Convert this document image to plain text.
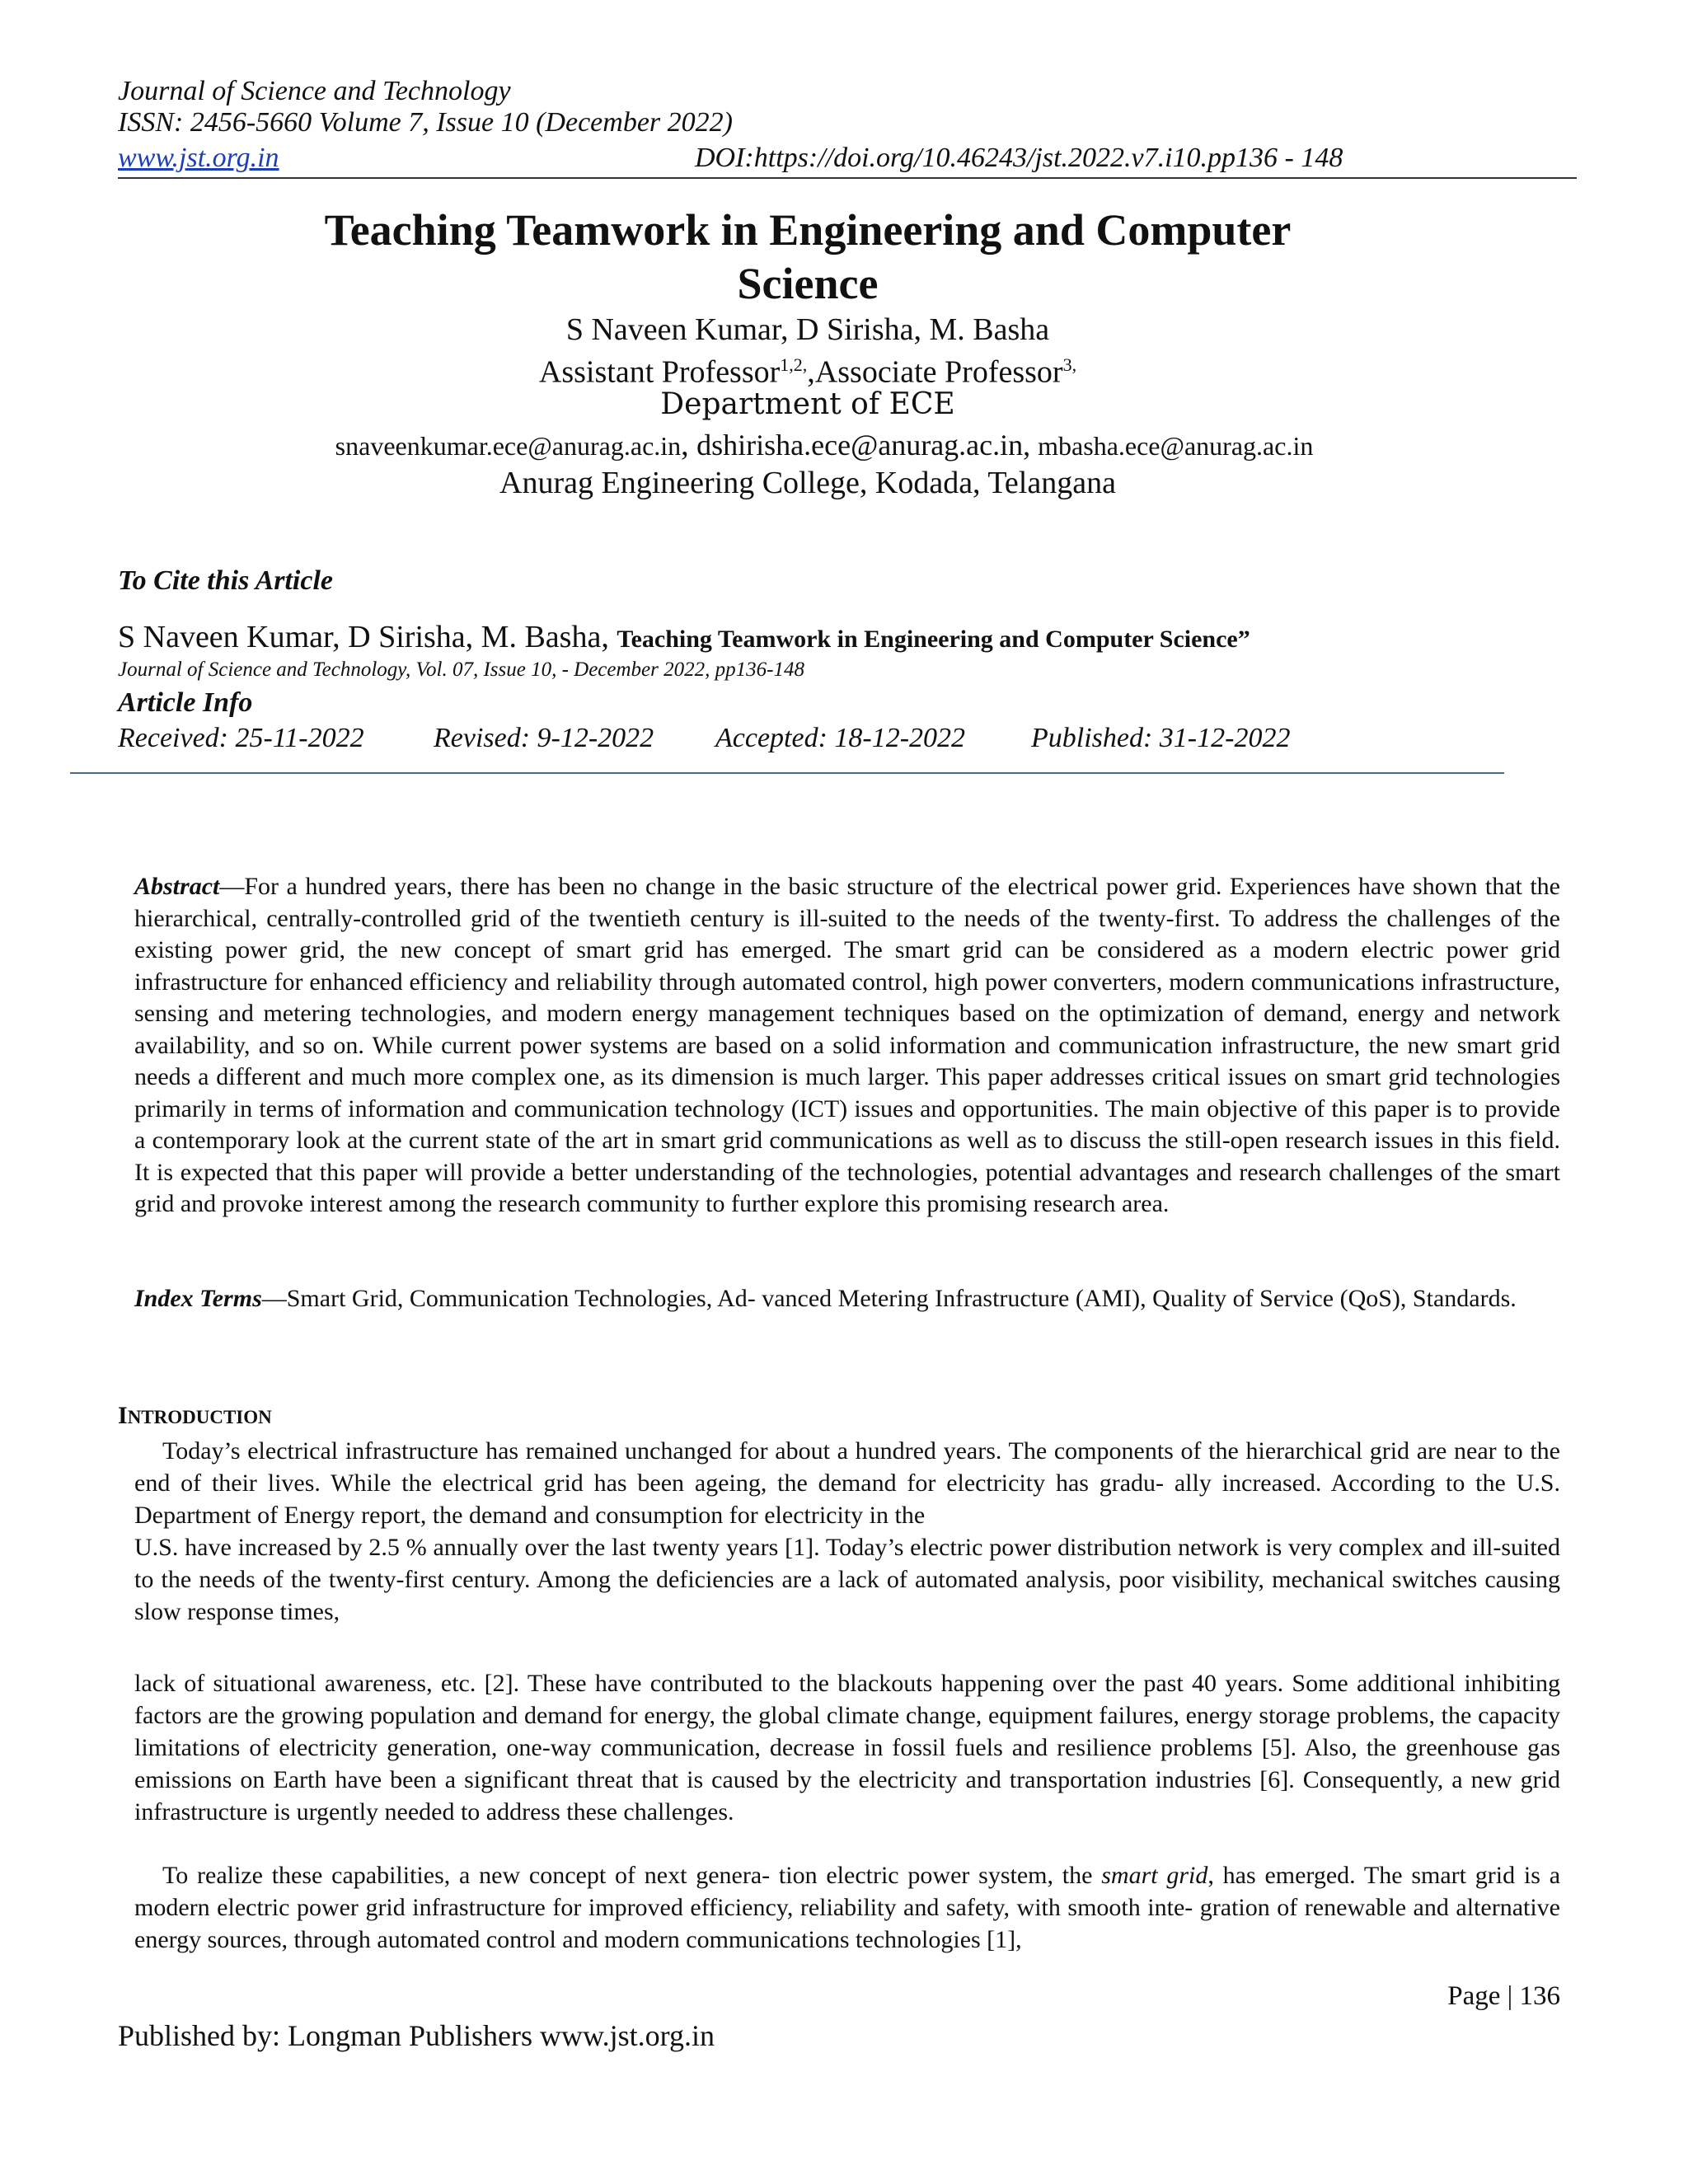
Journal of Science and Technology
ISSN: 2456-5660 Volume 7, Issue 10 (December 2022)
www.jst.org.in	DOI:https://doi.org/10.46243/jst.2022.v7.i10.pp136 - 148
Teaching Teamwork in Engineering and Computer
Science
S Naveen Kumar, D Sirisha, M. Basha
Assistant Professor$^{1,2,}$,Associate Professor$^{3,}$
Department of ECE
snaveenkumar.ece@anurag.ac.in, dshirisha.ece@anurag.ac.in, mbasha.ece@anurag.ac.in
Anurag Engineering College, Kodada, Telangana
To Cite this Article
S Naveen Kumar, D Sirisha, M. Basha, Teaching Teamwork in Engineering and Computer Science”
Journal of Science and Technology, Vol. 07, Issue 10, - December 2022, pp136-148
Article Info
Received: 25-11-2022 Revised: 9-12-2022 Accepted: 18-12-2022 Published: 31-12-2022
Abstract—For a hundred years, there has been no change in the basic structure of the electrical power grid. Experiences have shown that the hierarchical, centrally-controlled grid of the twentieth century is ill-suited to the needs of the twenty-first. To address the challenges of the existing power grid, the new concept of smart grid has emerged. The smart grid can be considered as a modern electric power grid infrastructure for enhanced efficiency and reliability through automated control, high power converters, modern communications infrastructure, sensing and metering technologies, and modern energy management techniques based on the optimization of demand, energy and network availability, and so on. While current power systems are based on a solid information and communication infrastructure, the new smart grid needs a different and much more complex one, as its dimension is much larger. This paper addresses critical issues on smart grid technologies primarily in terms of information and communication technology (ICT) issues and opportunities. The main objective of this paper is to provide a contemporary look at the current state of the art in smart grid communications as well as to discuss the still-open research issues in this field. It is expected that this paper will provide a better understanding of the technologies, potential advantages and research challenges of the smart grid and provoke interest among the research community to further explore this promising research area.
Index Terms—Smart Grid, Communication Technologies, Ad- vanced Metering Infrastructure (AMI), Quality of Service (QoS), Standards.
INTRODUCTION
Today’s electrical infrastructure has remained unchanged for about a hundred years. The components of the hierarchical grid are near to the end of their lives. While the electrical grid has been ageing, the demand for electricity has gradu- ally increased. According to the U.S. Department of Energy report, the demand and consumption for electricity in the
U.S. have increased by 2.5 % annually over the last twenty years [1]. Today’s electric power distribution network is very complex and ill-suited to the needs of the twenty-first century. Among the deficiencies are a lack of automated analysis, poor visibility, mechanical switches causing slow response times,
lack of situational awareness, etc. [2]. These have contributed to the blackouts happening over the past 40 years. Some additional inhibiting factors are the growing population and demand for energy, the global climate change, equipment failures, energy storage problems, the capacity limitations of electricity generation, one-way communication, decrease in fossil fuels and resilience problems [5]. Also, the greenhouse gas emissions on Earth have been a significant threat that is caused by the electricity and transportation industries [6]. Consequently, a new grid infrastructure is urgently needed to address these challenges.
To realize these capabilities, a new concept of next genera- tion electric power system, the smart grid, has emerged. The smart grid is a modern electric power grid infrastructure for improved efficiency, reliability and safety, with smooth inte- gration of renewable and alternative energy sources, through automated control and modern communications technologies [1],
Page | 136
Published by: Longman Publishers www.jst.org.in
